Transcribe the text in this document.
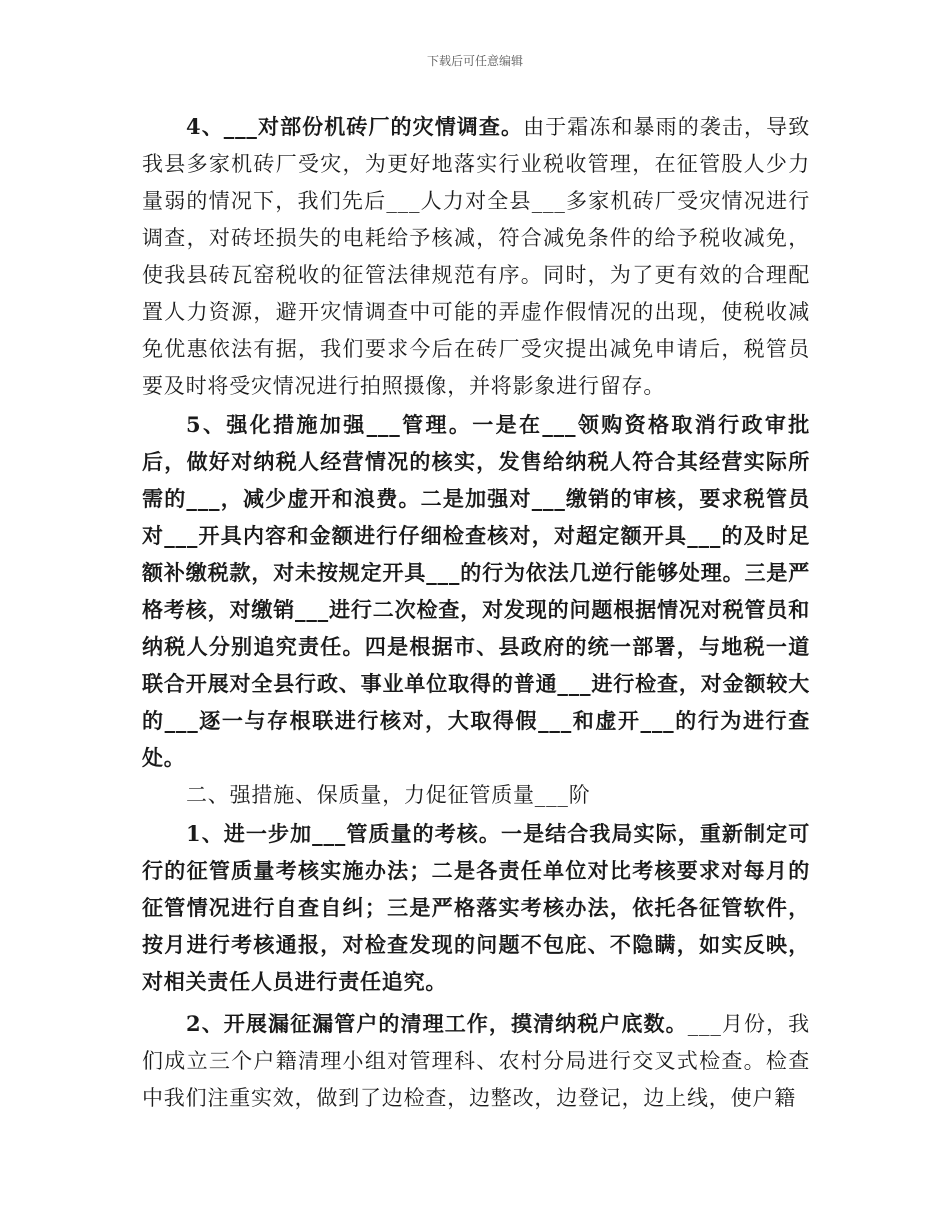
下载后可任意编辑

4、___对部份机砖厂的灾情调查。由于霜冻和暴雨的袭击，导致我县多家机砖厂受灾，为更好地落实行业税收管理，在征管股人少力量弱的情况下，我们先后___人力对全县___多家机砖厂受灾情况进行调查，对砖坯损失的电耗给予核减，符合减免条件的给予税收减免，使我县砖瓦窑税收的征管法律规范有序。同时，为了更有效的合理配置人力资源，避开灾情调查中可能的弄虚作假情况的出现，使税收减免优惠依法有据，我们要求今后在砖厂受灾提出减免申请后，税管员要及时将受灾情况进行拍照摄像，并将影象进行留存。

5、强化措施加强___管理。一是在___领购资格取消行政审批后，做好对纳税人经营情况的核实，发售给纳税人符合其经营实际所需的___，减少虚开和浪费。二是加强对___缴销的审核，要求税管员对___开具内容和金额进行仔细检查核对，对超定额开具___的及时足额补缴税款，对未按规定开具___的行为依法几逆行能够处理。三是严格考核，对缴销___进行二次检查，对发现的问题根据情况对税管员和纳税人分别追究责任。四是根据市、县政府的统一部署，与地税一道联合开展对全县行政、事业单位取得的普通___进行检查，对金额较大的___逐一与存根联进行核对，大取得假___和虚开___的行为进行查处。

二、强措施、保质量，力促征管质量___阶

1、进一步加___管质量的考核。一是结合我局实际，重新制定可行的征管质量考核实施办法；二是各责任单位对比考核要求对每月的征管情况进行自查自纠；三是严格落实考核办法，依托各征管软件，按月进行考核通报，对检查发现的问题不包庇、不隐瞒，如实反映，对相关责任人员进行责任追究。

2、开展漏征漏管户的清理工作，摸清纳税户底数。___月份，我们成立三个户籍清理小组对管理科、农村分局进行交叉式检查。检查中我们注重实效，做到了边检查，边整改，边登记，边上线，使户籍
